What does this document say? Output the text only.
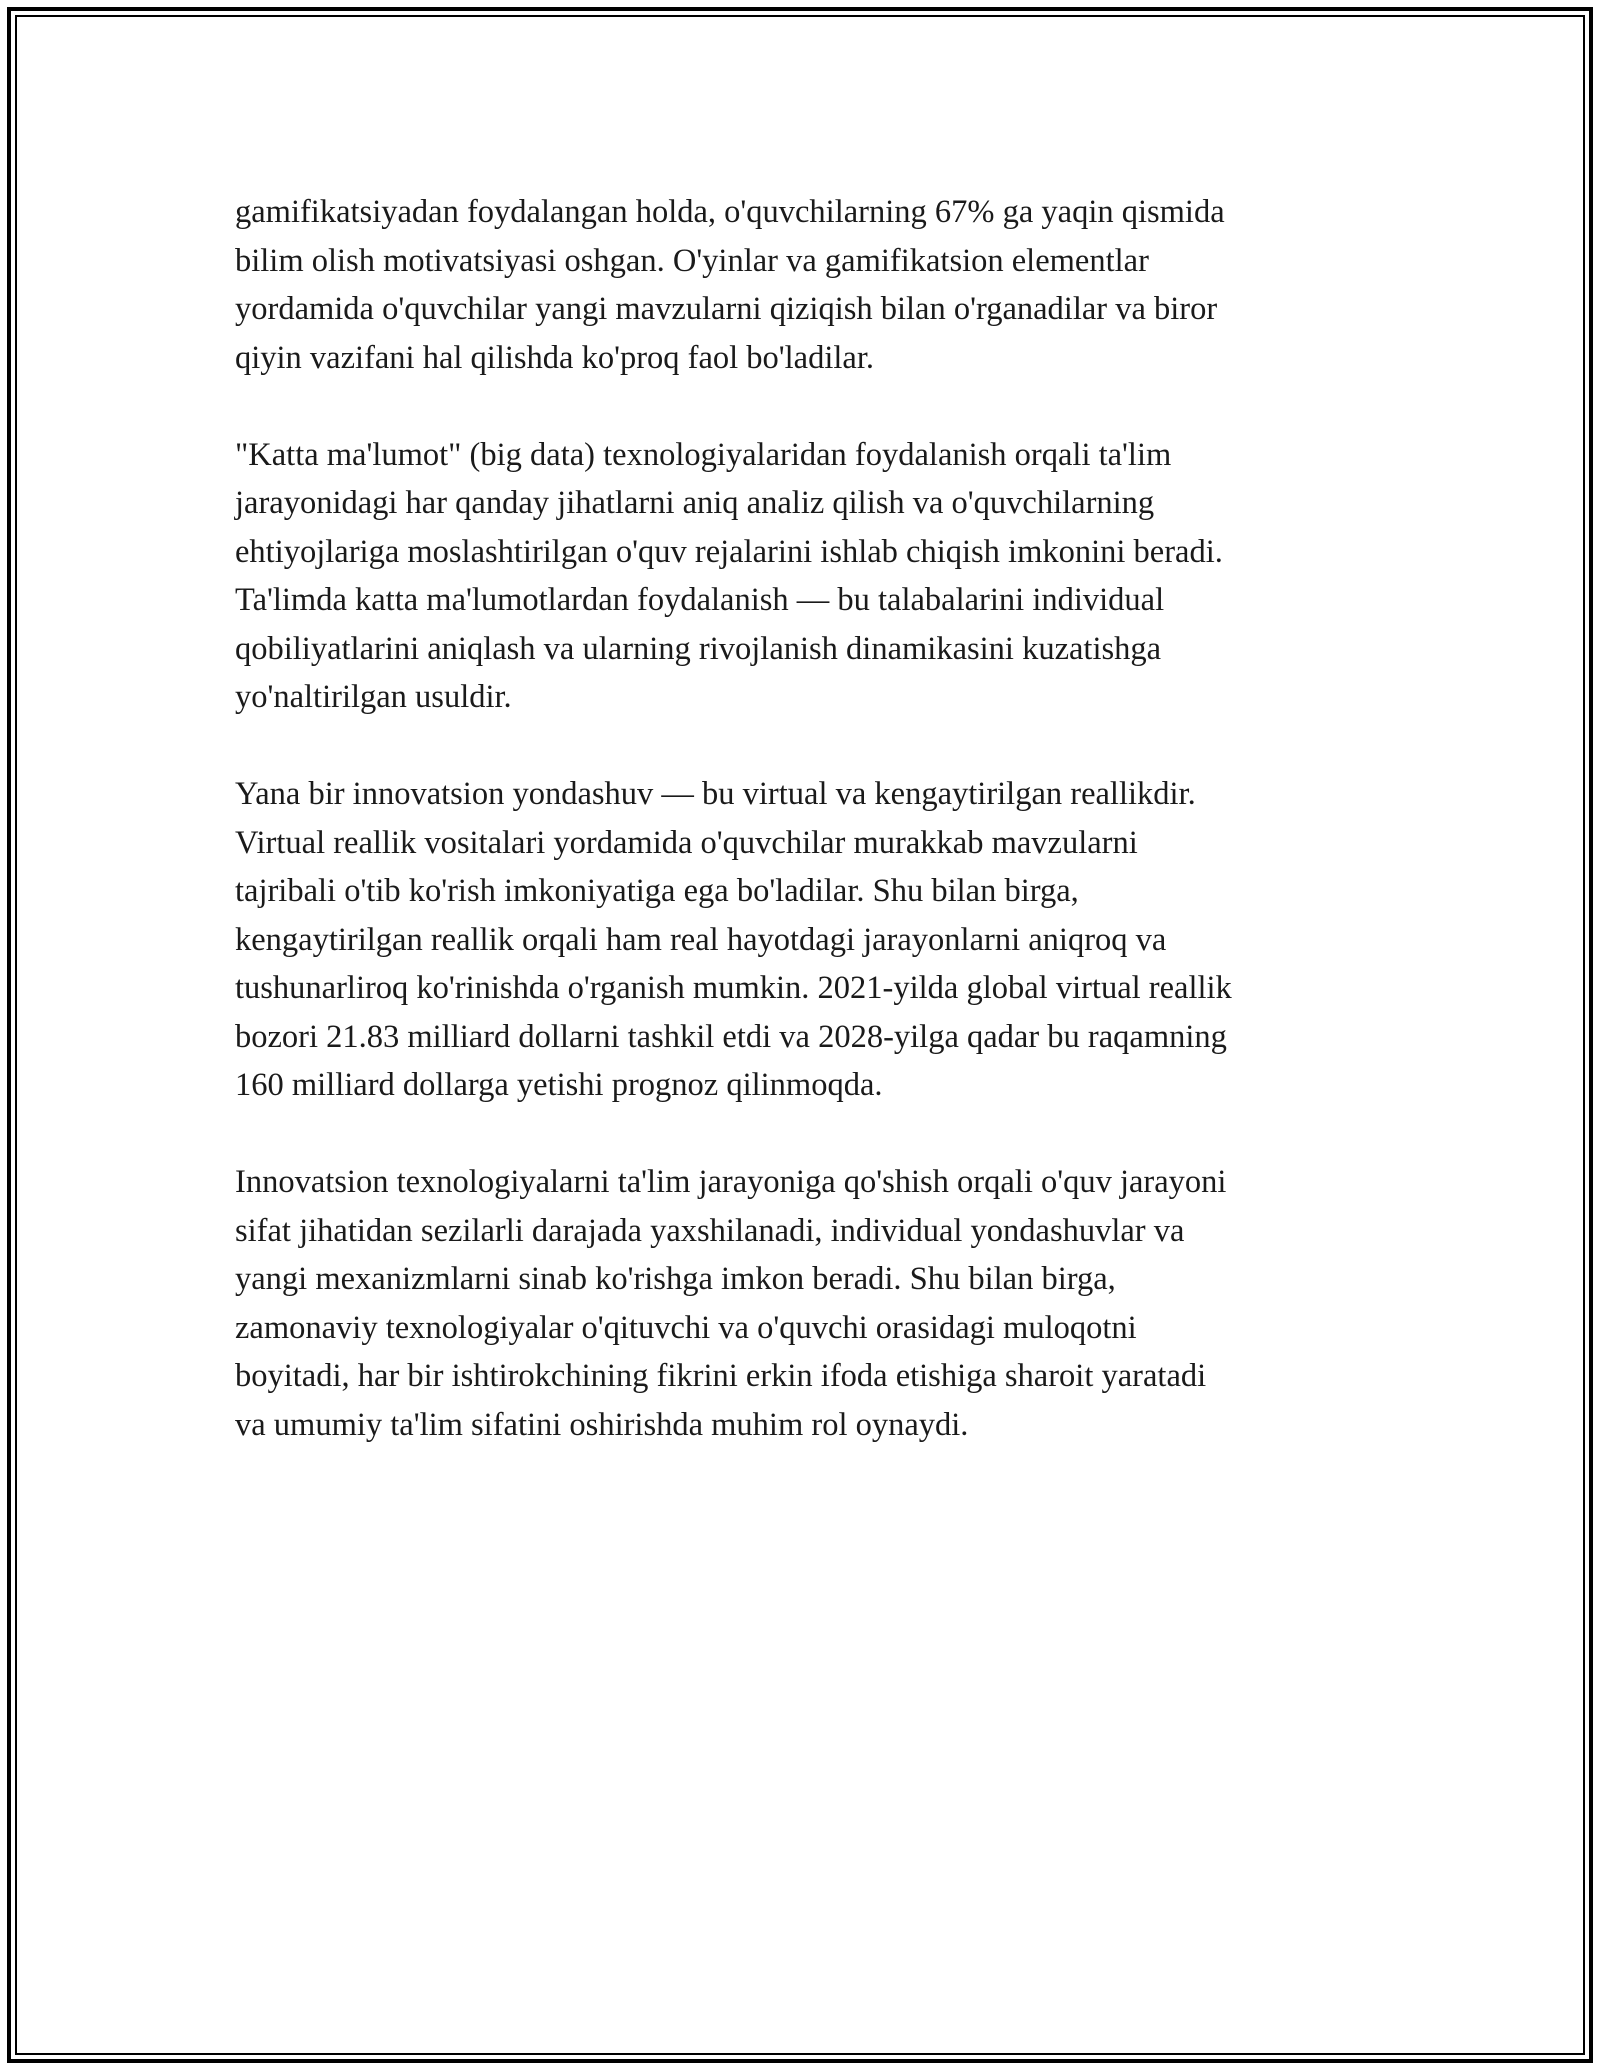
gamifikatsiyadan foydalangan holda, o'quvchilarning 67% ga yaqin qismida
bilim olish motivatsiyasi oshgan. O'yinlar va gamifikatsion elementlar
yordamida o'quvchilar yangi mavzularni qiziqish bilan o'rganadilar va biror
qiyin vazifani hal qilishda ko'proq faol bo'ladilar.

"Katta ma'lumot" (big data) texnologiyalaridan foydalanish orqali ta'lim
jarayonidagi har qanday jihatlarni aniq analiz qilish va o'quvchilarning
ehtiyojlariga moslashtirilgan o'quv rejalarini ishlab chiqish imkonini beradi.
Ta'limda katta ma'lumotlardan foydalanish — bu talabalarini individual
qobiliyatlarini aniqlash va ularning rivojlanish dinamikasini kuzatishga
yo'naltirilgan usuldir.

Yana bir innovatsion yondashuv — bu virtual va kengaytirilgan reallikdir.
Virtual reallik vositalari yordamida o'quvchilar murakkab mavzularni
tajribali o'tib ko'rish imkoniyatiga ega bo'ladilar. Shu bilan birga,
kengaytirilgan reallik orqali ham real hayotdagi jarayonlarni aniqroq va
tushunarliroq ko'rinishda o'rganish mumkin. 2021-yilda global virtual reallik
bozori 21.83 milliard dollarni tashkil etdi va 2028-yilga qadar bu raqamning
160 milliard dollarga yetishi prognoz qilinmoqda.

Innovatsion texnologiyalarni ta'lim jarayoniga qo'shish orqali o'quv jarayoni
sifat jihatidan sezilarli darajada yaxshilanadi, individual yondashuvlar va
yangi mexanizmlarni sinab ko'rishga imkon beradi. Shu bilan birga,
zamonaviy texnologiyalar o'qituvchi va o'quvchi orasidagi muloqotni
boyitadi, har bir ishtirokchining fikrini erkin ifoda etishiga sharoit yaratadi
va umumiy ta'lim sifatini oshirishda muhim rol oynaydi.
